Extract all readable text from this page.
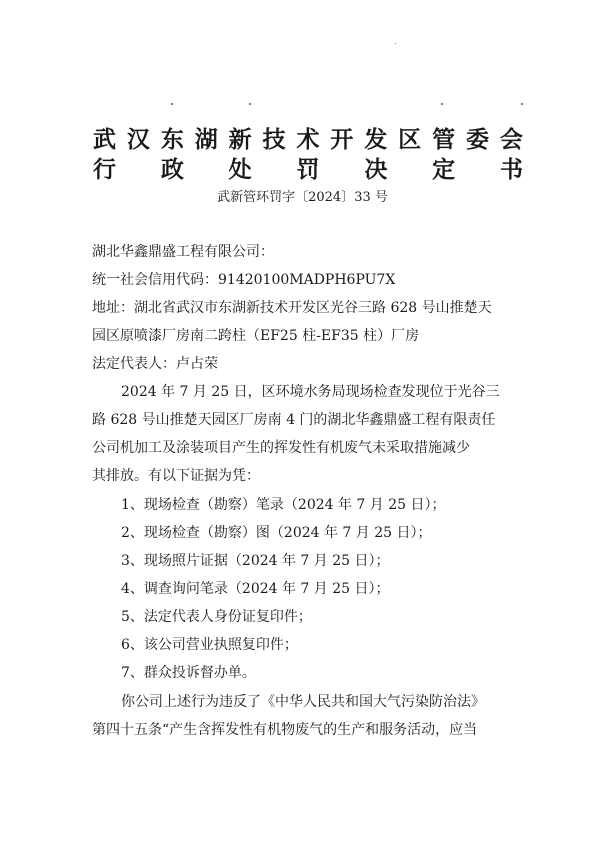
武 汉 东 湖 新 技 术 开 发 区 管 委 会
行 政 处 罚 决 定 书
武新管环罚字〔2024〕33 号
湖北华鑫鼎盛工程有限公司：
统一社会信用代码：91420100MADPH6PU7X
地址：湖北省武汉市东湖新技术开发区光谷三路 628 号山推楚天
园区原喷漆厂房南二跨柱（EF25 柱-EF35 柱）厂房
法定代表人：卢占荣
2024 年 7 月 25 日，区环境水务局现场检查发现位于光谷三
路 628 号山推楚天园区厂房南 4 门的湖北华鑫鼎盛工程有限责任
公司机加工及涂装项目产生的挥发性有机废气未采取措施减少
其排放。有以下证据为凭：
1、现场检查（勘察）笔录（2024 年 7 月 25 日）；
2、现场检查（勘察）图（2024 年 7 月 25 日）；
3、现场照片证据（2024 年 7 月 25 日）；
4、调查询问笔录（2024 年 7 月 25 日）；
5、法定代表人身份证复印件；
6、该公司营业执照复印件；
7、群众投诉督办单。
你公司上述行为违反了《中华人民共和国大气污染防治法》
第四十五条“产生含挥发性有机物废气的生产和服务活动，应当
